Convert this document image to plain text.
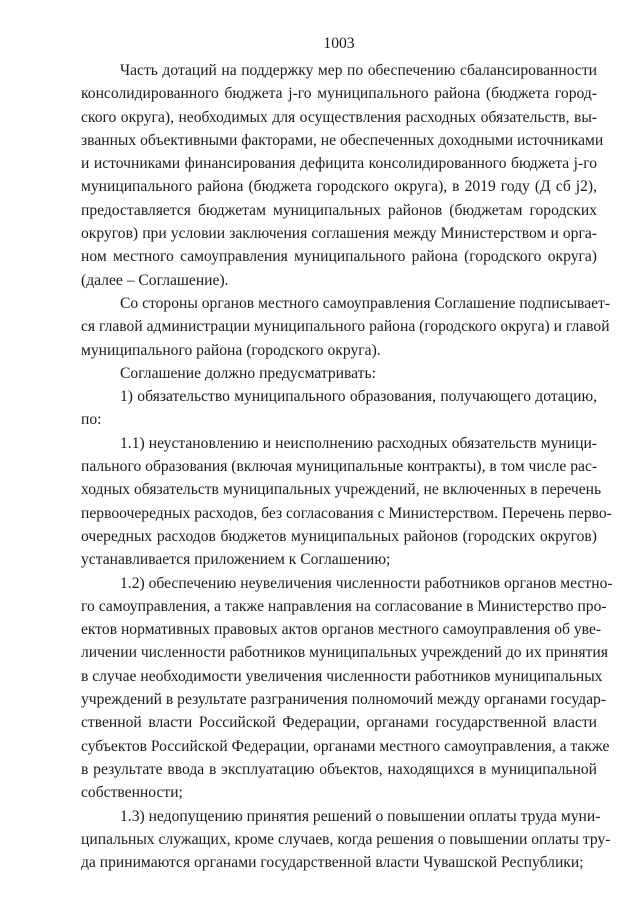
1003
Часть дотаций на поддержку мер по обеспечению сбалансированности
консолидированного бюджета j-го муниципального района (бюджета город-
ского округа), необходимых для осуществления расходных обязательств, вы-
званных объективными факторами, не обеспеченных доходными источниками
и источниками финансирования дефицита консолидированного бюджета j-го
муниципального района (бюджета городского округа), в 2019 году (Д сб j2),
предоставляется бюджетам муниципальных районов (бюджетам городских
округов) при условии заключения соглашения между Министерством и орга-
ном местного самоуправления муниципального района (городского округа)
(далее – Соглашение).
Со стороны органов местного самоуправления Соглашение подписывает-
ся главой администрации муниципального района (городского округа) и главой
муниципального района (городского округа).
Соглашение должно предусматривать:
1) обязательство муниципального образования, получающего дотацию,
по:
1.1) неустановлению и неисполнению расходных обязательств муници-
пального образования (включая муниципальные контракты), в том числе рас-
ходных обязательств муниципальных учреждений, не включенных в перечень
первоочередных расходов, без согласования с Министерством. Перечень перво-
очередных расходов бюджетов муниципальных районов (городских округов)
устанавливается приложением к Соглашению;
1.2) обеспечению неувеличения численности работников органов местно-
го самоуправления, а также направления на согласование в Министерство про-
ектов нормативных правовых актов органов местного самоуправления об уве-
личении численности работников муниципальных учреждений до их принятия
в случае необходимости увеличения численности работников муниципальных
учреждений в результате разграничения полномочий между органами государ-
ственной власти Российской Федерации, органами государственной власти
субъектов Российской Федерации, органами местного самоуправления, а также
в результате ввода в эксплуатацию объектов, находящихся в муниципальной
собственности;
1.3) недопущению принятия решений о повышении оплаты труда муни-
ципальных служащих, кроме случаев, когда решения о повышении оплаты тру-
да принимаются органами государственной власти Чувашской Республики;
